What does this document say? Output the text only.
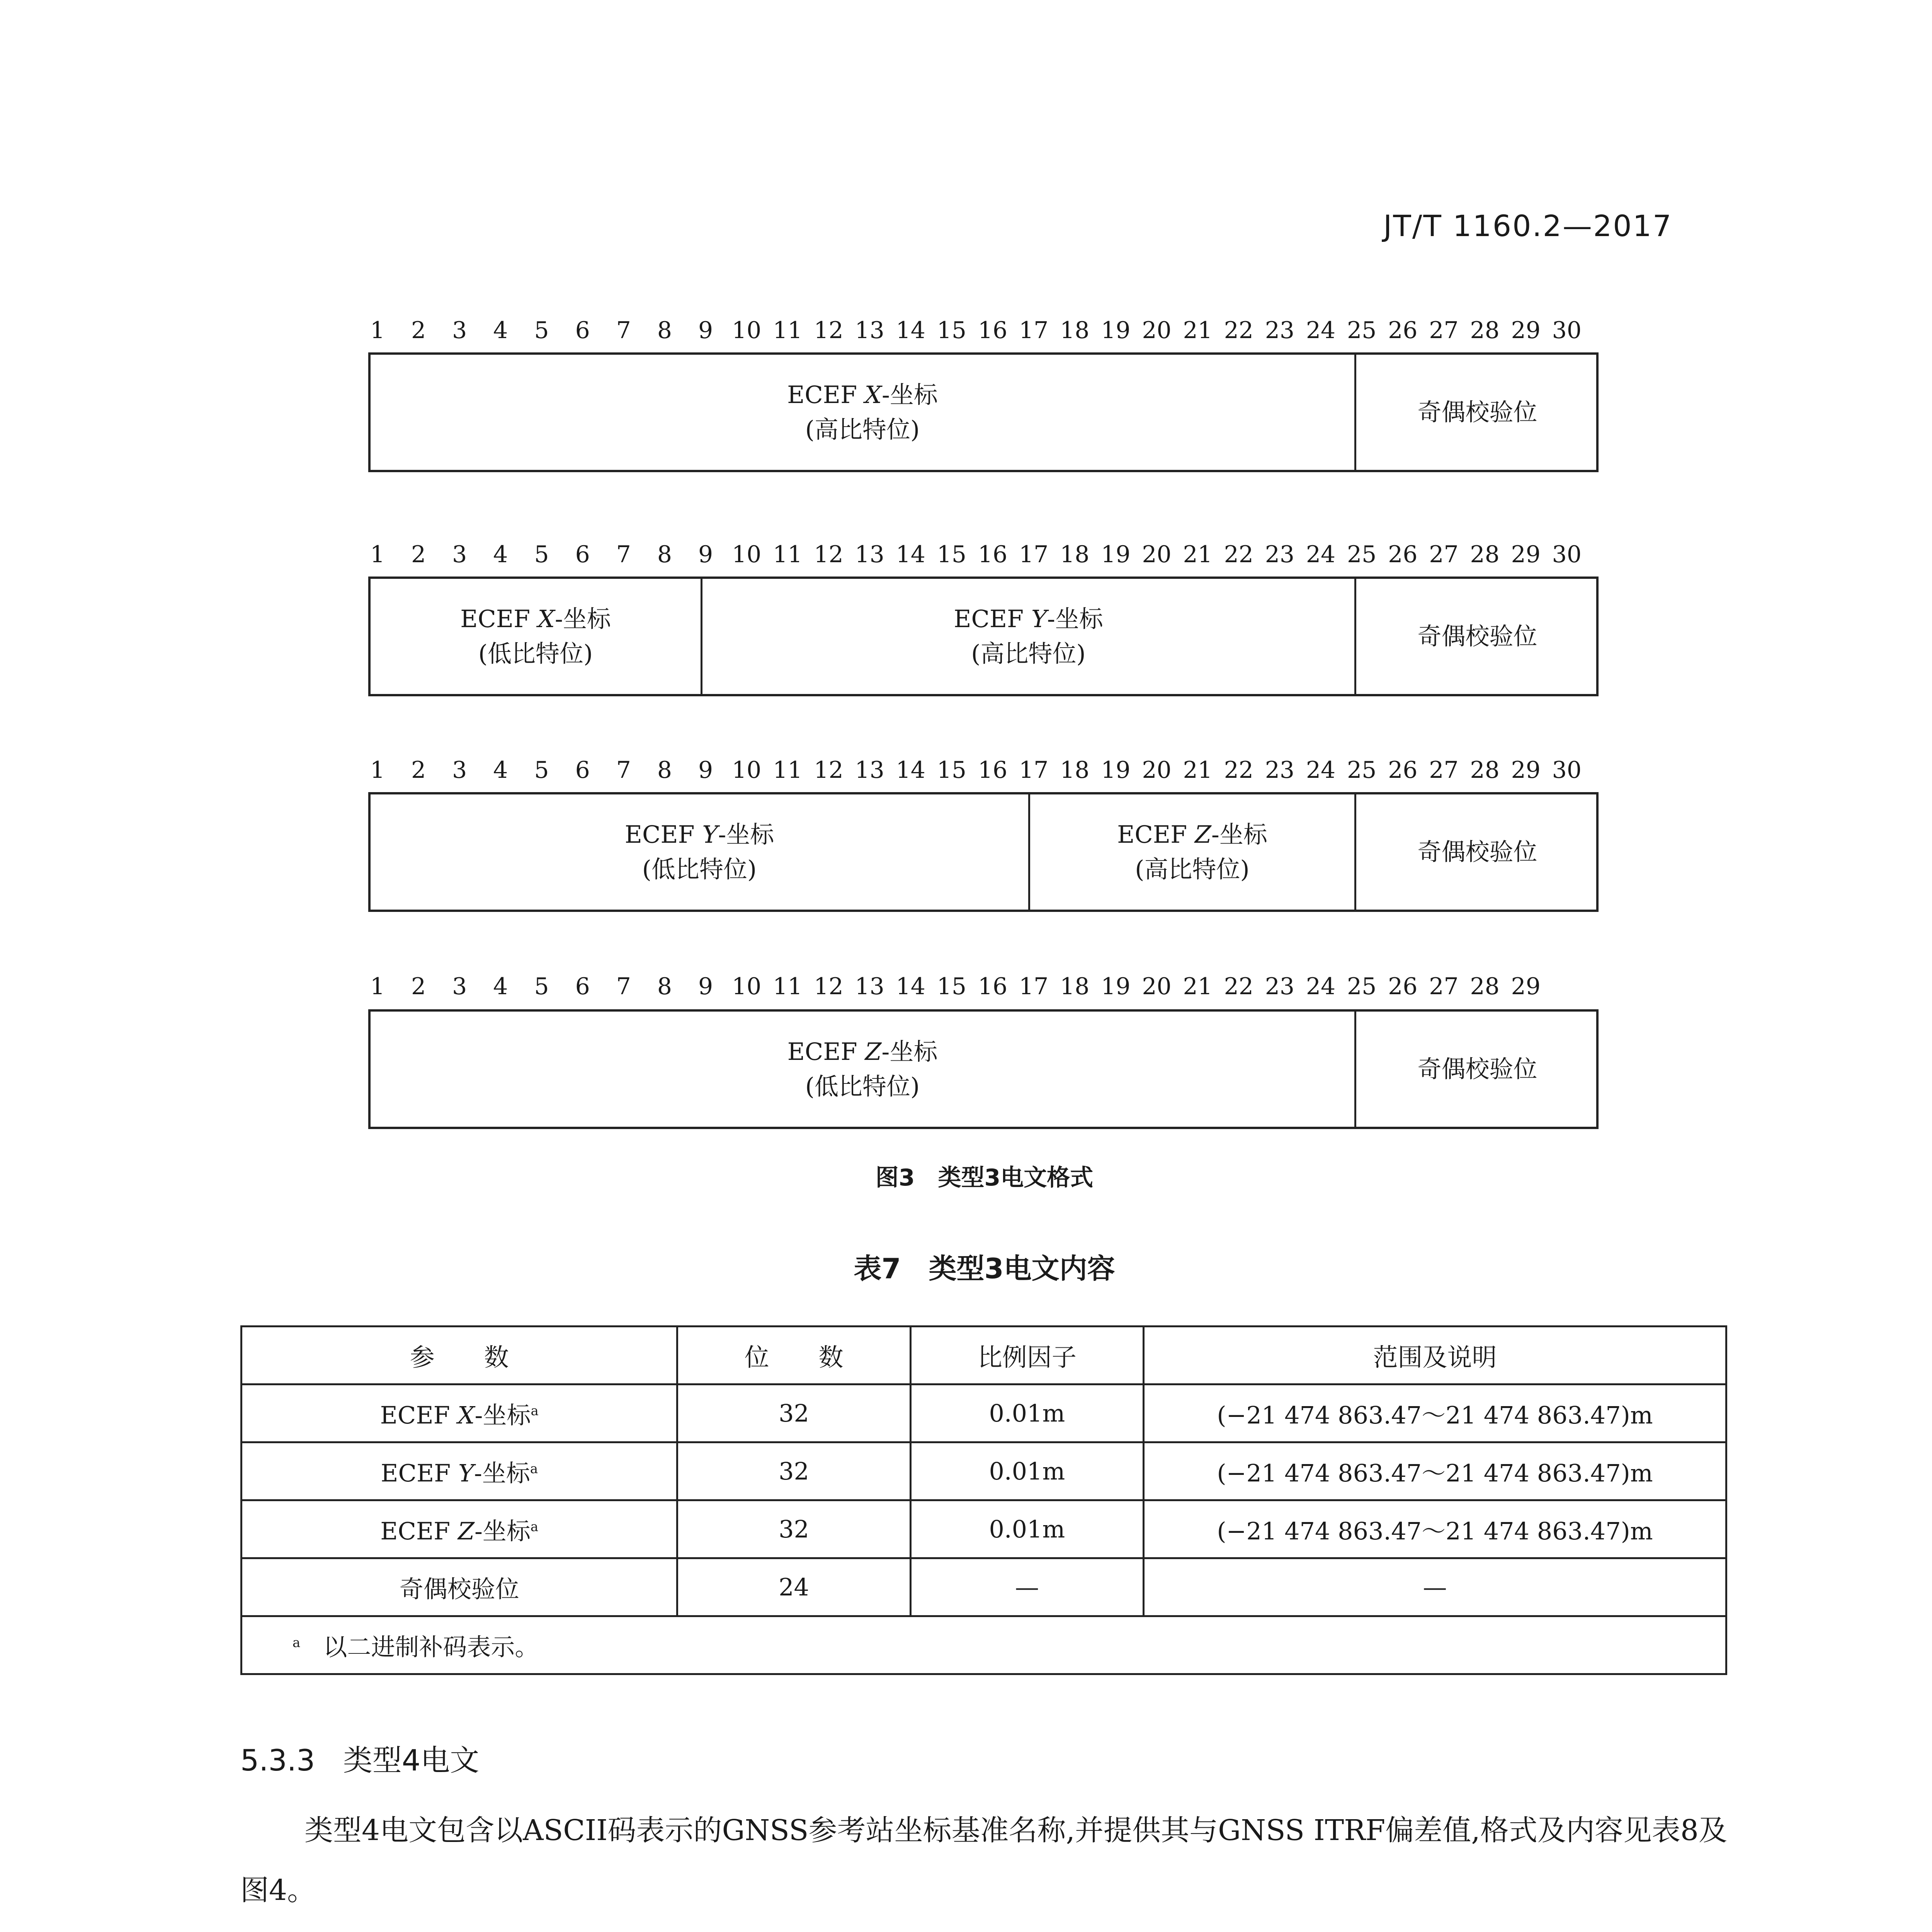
JT/T 1160.2—2017
1	2	3	4	5	6	7	8	9 10 11 12 13 14 15 16 17 18 19 20 21 22 23 24 25 26 27 28 29 30
ECEF X-坐标
(高比特位)
奇偶校验位
1	2	3	4	5	6	7	8	9 10 11 12 13 14 15 16 17 18 19 20 21 22 23 24 25 26 27 28 29 30
ECEF X-坐标
(低比特位)
ECEF Y-坐标
(高比特位)
奇偶校验位
1	2	3	4	5	6	7	8	9 10 11 12 13 14 15 16 17 18 19 20 21 22 23 24 25 26 27 28 29 30
ECEF Y-坐标
(低比特位)
ECEF Z-坐标
(高比特位)
奇偶校验位
1	2	3	4	5	6	7	8	9 10 11 12 13 14 15 16 17 18 19 20 21 22 23 24 25 26 27 28 29
ECEF Z-坐标
(低比特位)
奇偶校验位
图3　类型3电文格式
表7　类型3电文内容
参　　数	位　　数	比例因子	范围及说明
ECEF X-坐标$^a$	32	0.01m	(−21 474 863.47～21 474 863.47)m
ECEF Y-坐标$^a$	32	0.01m	(−21 474 863.47～21 474 863.47)m
ECEF Z-坐标$^a$	32	0.01m	(−21 474 863.47～21 474 863.47)m
奇偶校验位	24	—	—
$^a$ 以二进制补码表示。			
5.3.3 类型4电文
类型4电文包含以ASCII码表示的GNSS参考站坐标基准名称,并提供其与GNSS ITRF偏差值,格式及内容见表8及图4。
